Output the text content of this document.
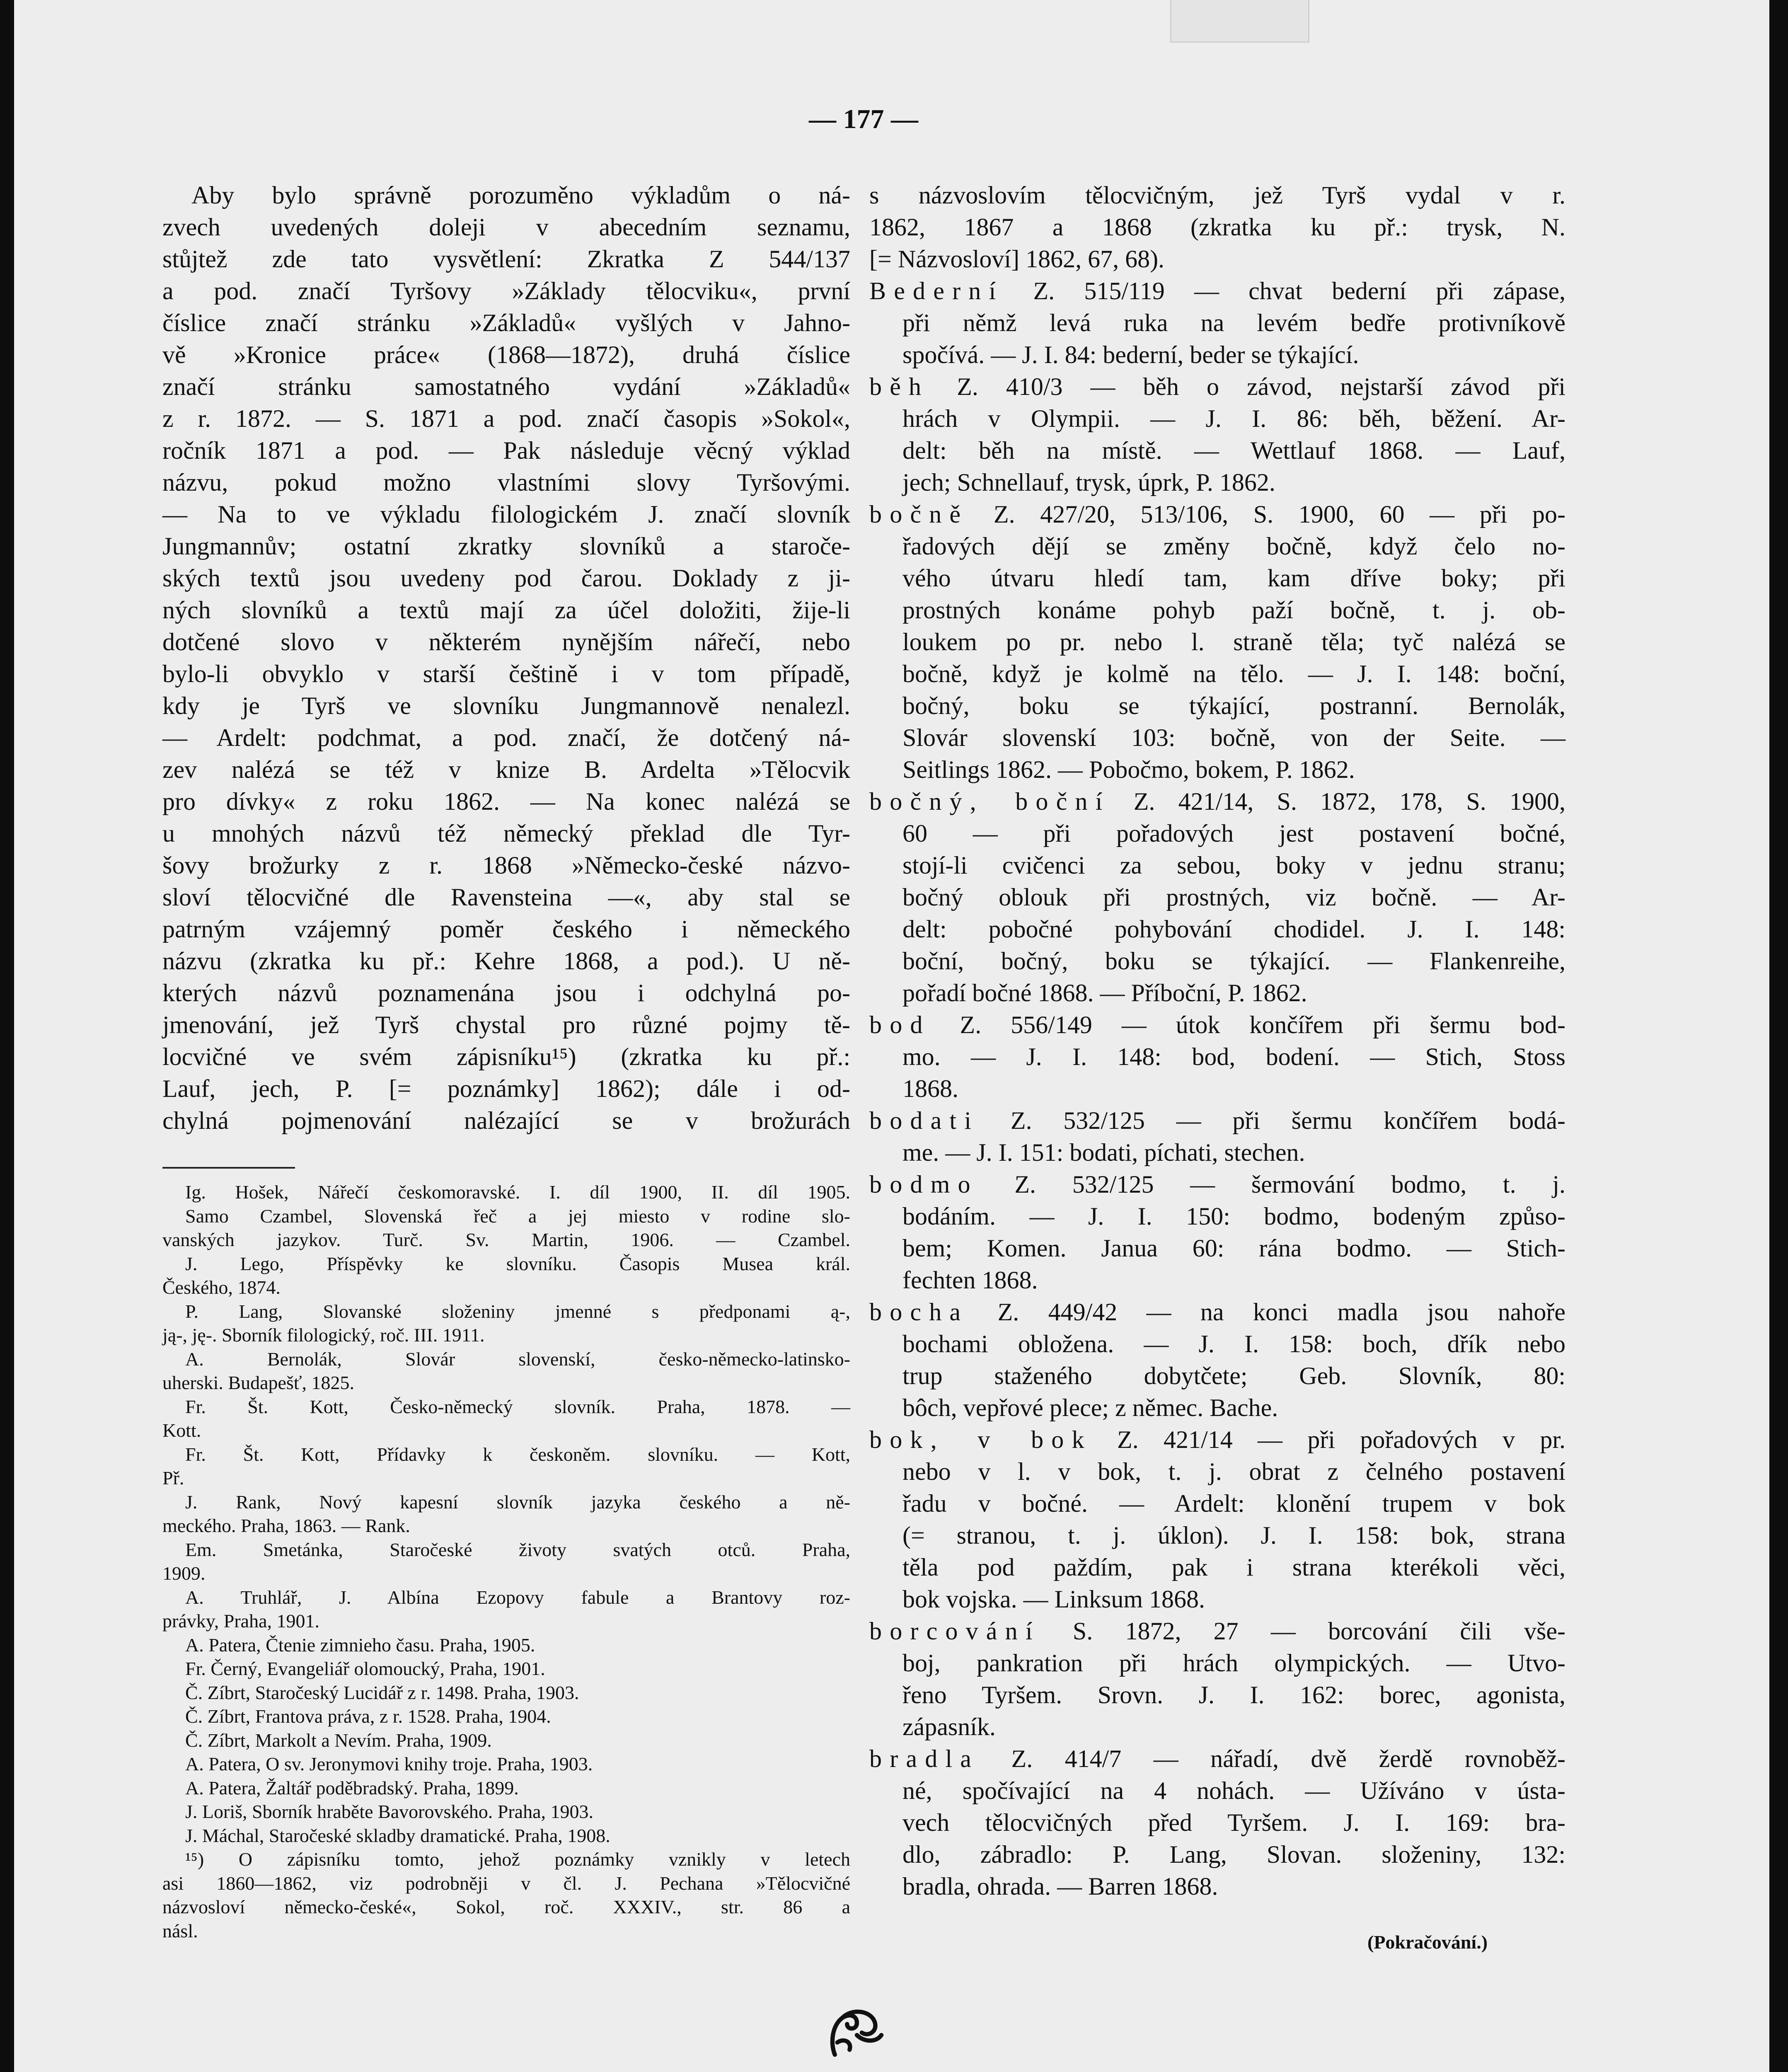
— 177 —
Aby bylo správně porozuměno výkladům o ná-
zvech uvedených doleji v abecedním seznamu,
stůjtež zde tato vysvětlení: Zkratka Z 544/137
a pod. značí Tyršovy »Základy tělocviku«, první
číslice značí stránku »Základů« vyšlých v Jahno-
vě »Kronice práce« (1868—1872), druhá číslice
značí stránku samostatného vydání »Základů«
z r. 1872. — S. 1871 a pod. značí časopis »Sokol«,
ročník 1871 a pod. — Pak následuje věcný výklad
názvu, pokud možno vlastními slovy Tyršovými.
— Na to ve výkladu filologickém J. značí slovník
Jungmannův; ostatní zkratky slovníků a staroče-
ských textů jsou uvedeny pod čarou. Doklady z ji-
ných slovníků a textů mají za účel doložiti, žije-li
dotčené slovo v některém nynějším nářečí, nebo
bylo-li obvyklo v starší češtině i v tom případě,
kdy je Tyrš ve slovníku Jungmannově nenalezl.
— Ardelt: podchmat, a pod. značí, že dotčený ná-
zev nalézá se též v knize B. Ardelta »Tělocvik
pro dívky« z roku 1862. — Na konec nalézá se
u mnohých názvů též německý překlad dle Tyr-
šovy brožurky z r. 1868 »Německo-české názvo-
sloví tělocvičné dle Ravensteina —«, aby stal se
patrným vzájemný poměr českého i německého
názvu (zkratka ku př.: Kehre 1868, a pod.). U ně-
kterých názvů poznamenána jsou i odchylná po-
jmenování, jež Tyrš chystal pro různé pojmy tě-
locvičné ve svém zápisníku¹⁵) (zkratka ku př.:
Lauf, jech, P. [= poznámky] 1862); dále i od-
chylná pojmenování nalézající se v brožurách
Ig. Hošek, Nářečí českomoravské. I. díl 1900, II. díl 1905.
Samo Czambel, Slovenská řeč a jej miesto v rodine slo-
vanských jazykov. Turč. Sv. Martin, 1906. — Czambel.
J. Lego, Příspěvky ke slovníku. Časopis Musea král.
Českého, 1874.
P. Lang, Slovanské složeniny jmenné s předponami ą-,
ją-, ję-. Sborník filologický, roč. III. 1911.
A. Bernolák, Slovár slovenskí, česko-německo-latinsko-
uherski. Budapešť, 1825.
Fr. Št. Kott, Česko-německý slovník. Praha, 1878. —
Kott.
Fr. Št. Kott, Přídavky k českoněm. slovníku. — Kott,
Př.
J. Rank, Nový kapesní slovník jazyka českého a ně-
meckého. Praha, 1863. — Rank.
Em. Smetánka, Staročeské životy svatých otců. Praha,
1909.
A. Truhlář, J. Albína Ezopovy fabule a Brantovy roz-
právky, Praha, 1901.
A. Patera, Čtenie zimnieho času. Praha, 1905.
Fr. Černý, Evangeliář olomoucký, Praha, 1901.
Č. Zíbrt, Staročeský Lucidář z r. 1498. Praha, 1903.
Č. Zíbrt, Frantova práva, z r. 1528. Praha, 1904.
Č. Zíbrt, Markolt a Nevím. Praha, 1909.
A. Patera, O sv. Jeronymovi knihy troje. Praha, 1903.
A. Patera, Žaltář poděbradský. Praha, 1899.
J. Loriš, Sborník hraběte Bavorovského. Praha, 1903.
J. Máchal, Staročeské skladby dramatické. Praha, 1908.
¹⁵) O zápisníku tomto, jehož poznámky vznikly v letech
asi 1860—1862, viz podrobněji v čl. J. Pechana »Tělocvičné
názvosloví německo-české«, Sokol, roč. XXXIV., str. 86 a
násl.
s názvoslovím tělocvičným, jež Tyrš vydal v r.
1862, 1867 a 1868 (zkratka ku př.: trysk, N.
[= Názvosloví] 1862, 67, 68).
Bederní Z. 515/119 — chvat bederní při zápase,
při němž levá ruka na levém bedře protivníkově
spočívá. — J. I. 84: bederní, beder se týkající.
běh Z. 410/3 — běh o závod, nejstarší závod při
hrách v Olympii. — J. I. 86: běh, běžení. Ar-
delt: běh na místě. — Wettlauf 1868. — Lauf,
jech; Schnellauf, trysk, úprk, P. 1862.
bočně Z. 427/20, 513/106, S. 1900, 60 — při po-
řadových dějí se změny bočně, když čelo no-
vého útvaru hledí tam, kam dříve boky; při
prostných konáme pohyb paží bočně, t. j. ob-
loukem po pr. nebo l. straně těla; tyč nalézá se
bočně, když je kolmě na tělo. — J. I. 148: boční,
bočný, boku se týkající, postranní. Bernolák,
Slovár slovenskí 103: bočně, von der Seite. —
Seitlings 1862. — Pobočmo, bokem, P. 1862.
bočný, boční Z. 421/14, S. 1872, 178, S. 1900,
60 — při pořadových jest postavení bočné,
stojí-li cvičenci za sebou, boky v jednu stranu;
bočný oblouk při prostných, viz bočně. — Ar-
delt: pobočné pohybování chodidel. J. I. 148:
boční, bočný, boku se týkající. — Flankenreihe,
pořadí bočné 1868. — Příboční, P. 1862.
bod Z. 556/149 — útok končířem při šermu bod-
mo. — J. I. 148: bod, bodení. — Stich, Stoss
1868.
bodati Z. 532/125 — při šermu končířem bodá-
me. — J. I. 151: bodati, píchati, stechen.
bodmo Z. 532/125 — šermování bodmo, t. j.
bodáním. — J. I. 150: bodmo, bodeným způso-
bem; Komen. Janua 60: rána bodmo. — Stich-
fechten 1868.
bocha Z. 449/42 — na konci madla jsou nahoře
bochami obložena. — J. I. 158: boch, dřík nebo
trup staženého dobytčete; Geb. Slovník, 80:
bôch, vepřové plece; z němec. Bache.
bok, v bok Z. 421/14 — při pořadových v pr.
nebo v l. v bok, t. j. obrat z čelného postavení
řadu v bočné. — Ardelt: klonění trupem v bok
(= stranou, t. j. úklon). J. I. 158: bok, strana
těla pod paždím, pak i strana kterékoli věci,
bok vojska. — Linksum 1868.
borcování S. 1872, 27 — borcování čili vše-
boj, pankration při hrách olympických. — Utvo-
řeno Tyršem. Srovn. J. I. 162: borec, agonista,
zápasník.
bradla Z. 414/7 — nářadí, dvě žerdě rovnoběž-
né, spočívající na 4 nohách. — Užíváno v ústa-
vech tělocvičných před Tyršem. J. I. 169: bra-
dlo, zábradlo: P. Lang, Slovan. složeniny, 132:
bradla, ohrada. — Barren 1868.
(Pokračování.)
